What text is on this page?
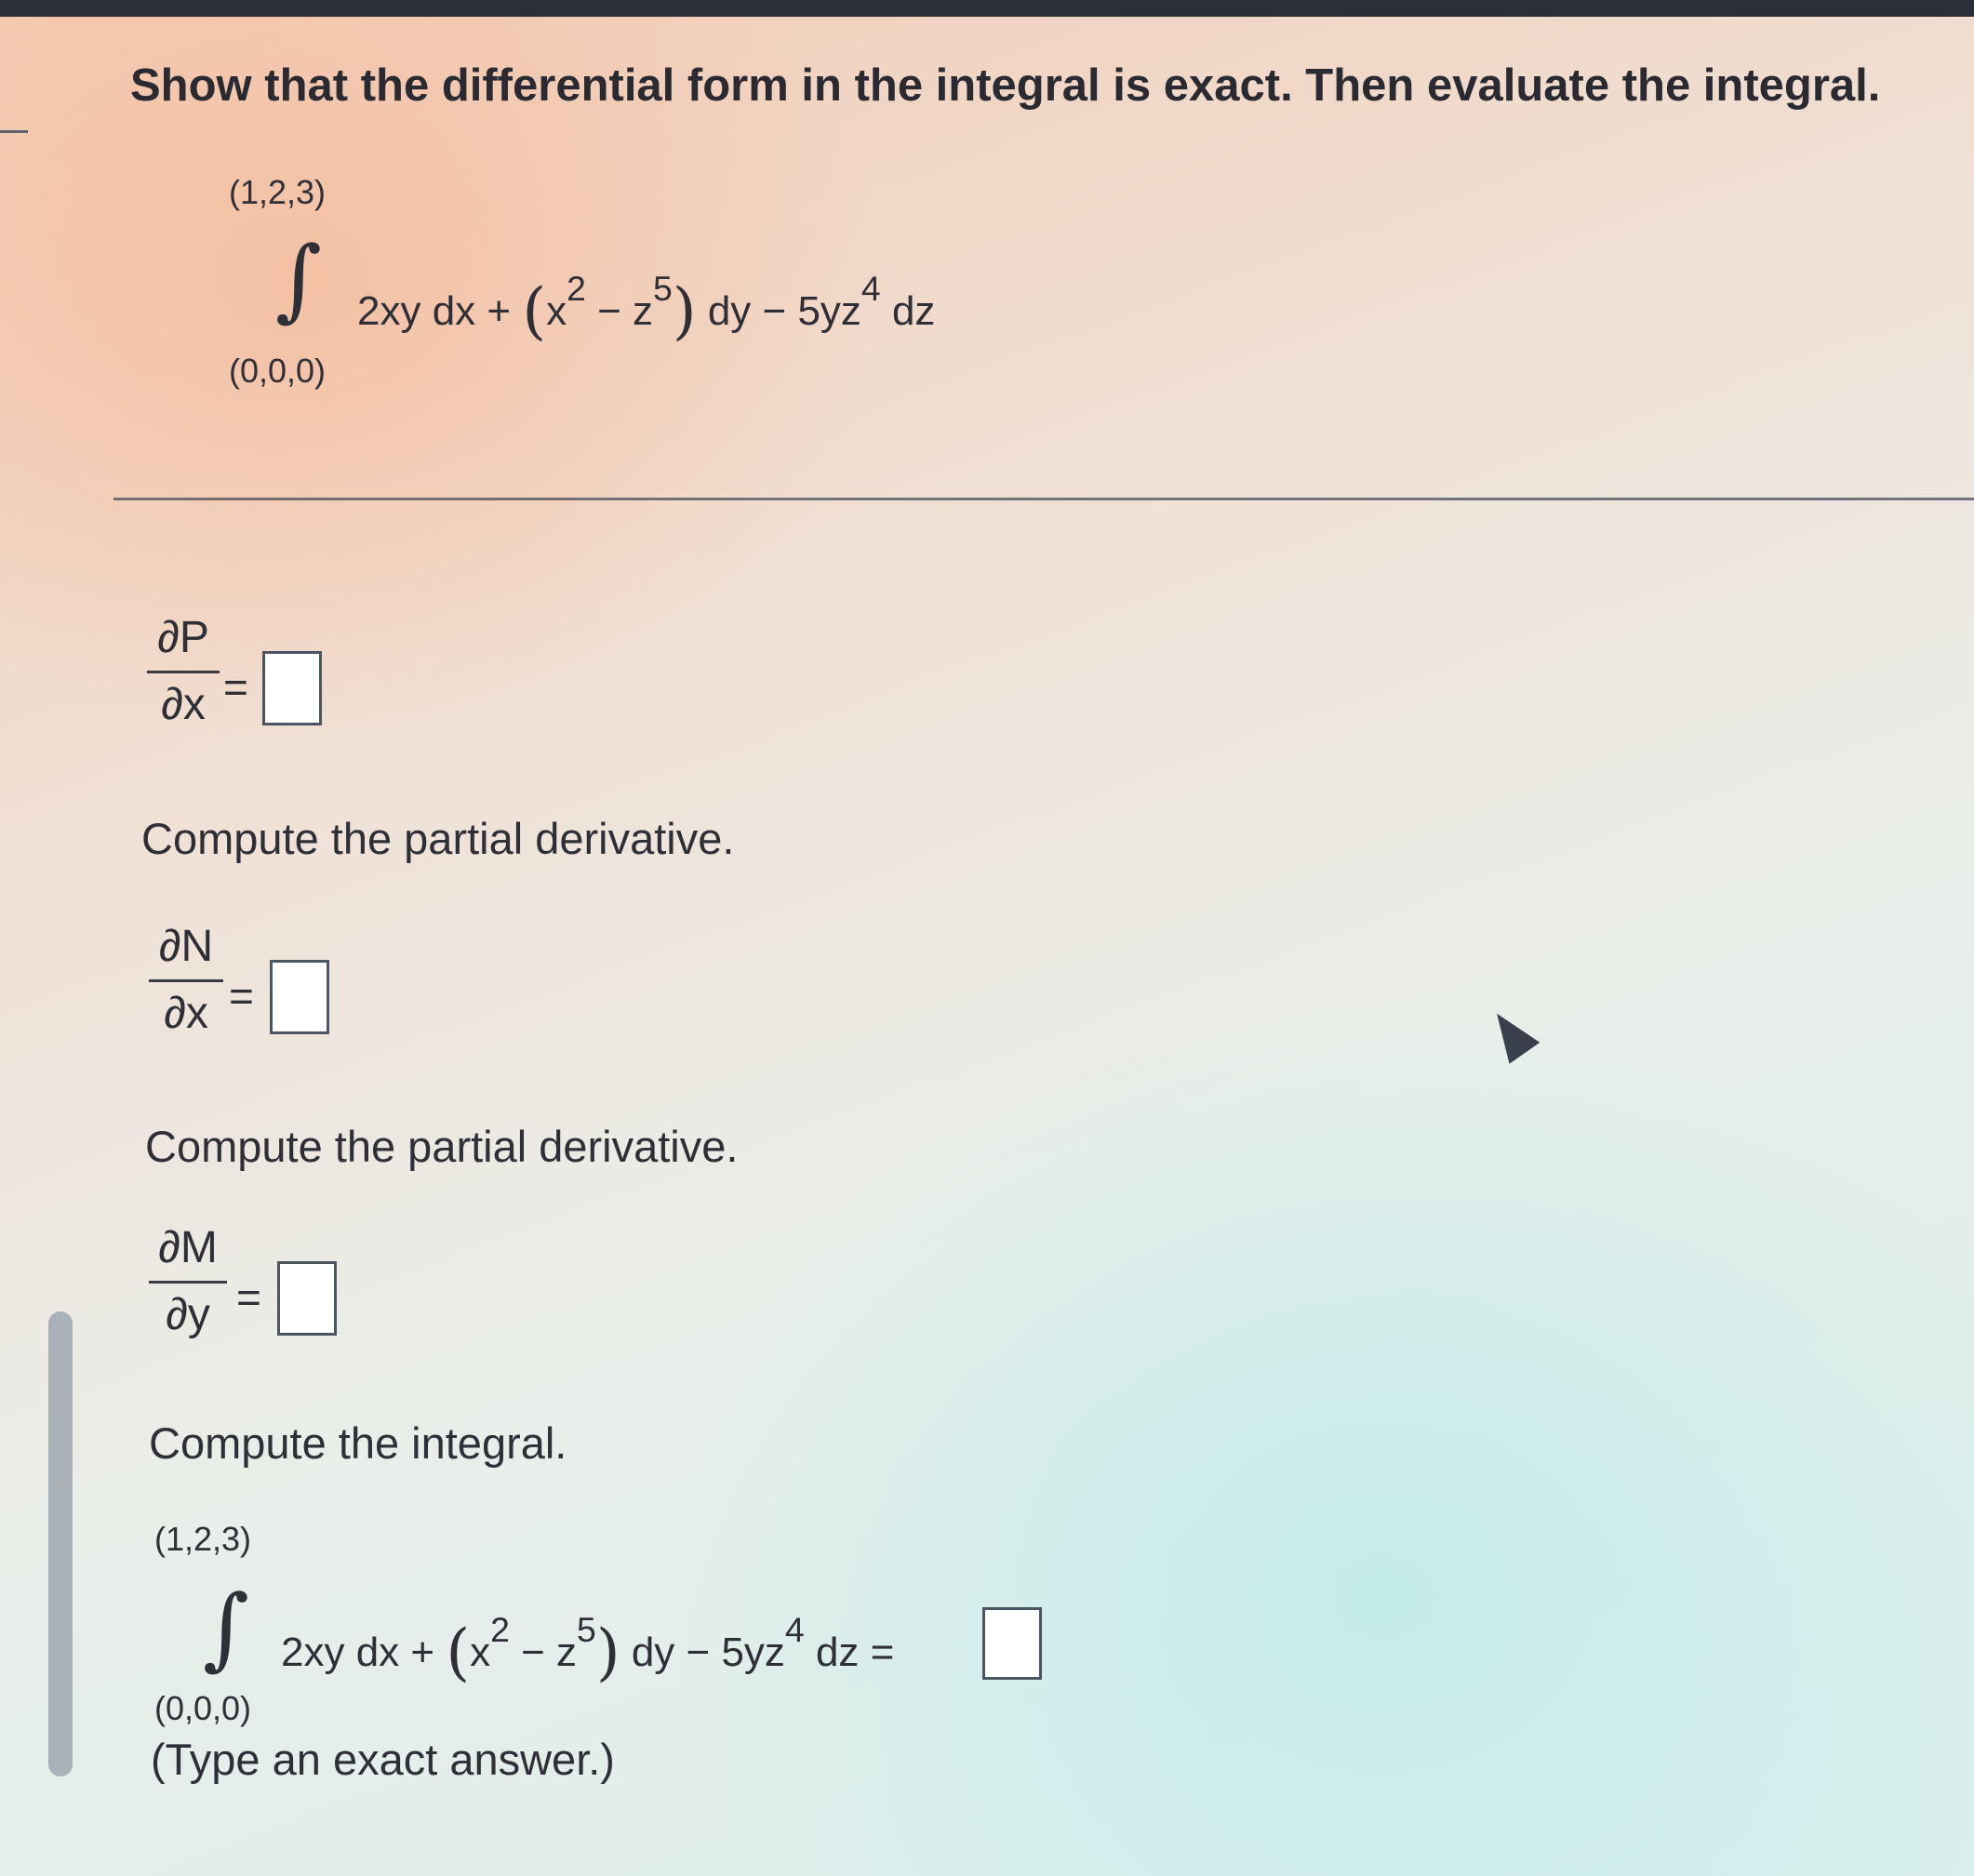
Show that the differential form in the integral is exact. Then evaluate the integral.
(1,2,3)
∫
(0,0,0)
2xy dx + $(x^2 - z^5)$ dy − $5yz^4$ dz
∂P
∂x =
Compute the partial derivative.
∂N
∂x =
Compute the partial derivative.
∂M
∂y =
Compute the integral.
(1,2,3)
∫
(0,0,0)
2xy dx + $(x^2 - z^5)$ dy − $5yz^4$ dz =
(Type an exact answer.)
